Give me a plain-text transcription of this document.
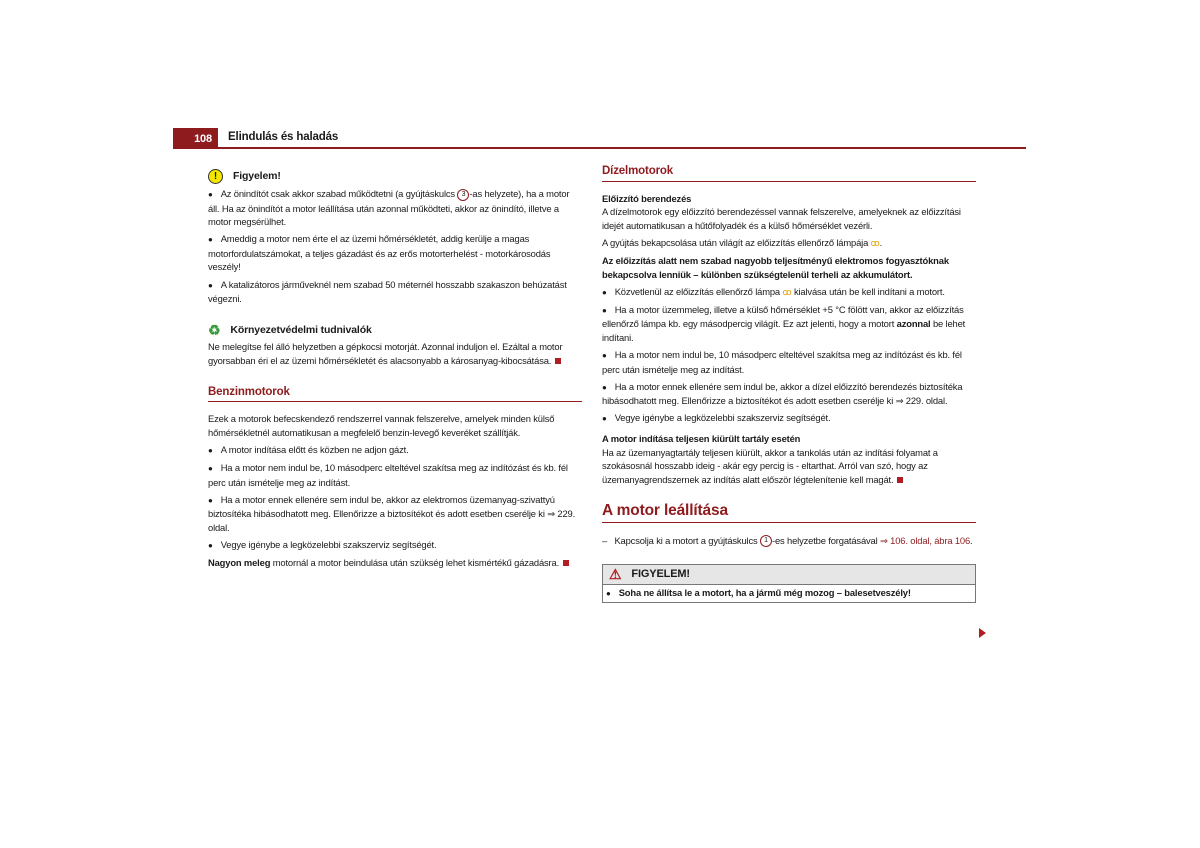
108	Elindulás és haladás
!	Figyelem!

● Az önindítót csak akkor szabad működtetni (a gyújtáskulcs 3 -as helyzete), ha a motor áll. Ha az önindítót a motor leállítása után azonnal működteti, akkor az önindító, illetve a motor megsérülhet.

● Ameddig a motor nem érte el az üzemi hőmérsékletét, addig kerülje a magas motorfordulatszámokat, a teljes gázadást és az erős motorterhelést - motorkárosodás veszély!

● A katalizátoros járműveknél nem szabad 50 méternél hosszabb szakaszon behúzatást végezni.

♻ Környezetvédelmi tudnivalók

Ne melegítse fel álló helyzetben a gépkocsi motorját. Azonnal induljon el. Ezáltal a motor gyorsabban éri el az üzemi hőmérsékletét és alacsonyabb a károsanyag-kibocsátása.

Benzinmotorok

Ezek a motorok befecskendező rendszerrel vannak felszerelve, amelyek minden külső hőmérsékletnél automatikusan a megfelelő benzin-levegő keveréket szállítják.

● A motor indítása előtt és közben ne adjon gázt.

● Ha a motor nem indul be, 10 másodperc elteltével szakítsa meg az indítózást és kb. fél perc után ismételje meg az indítást.

● Ha a motor ennek ellenére sem indul be, akkor az elektromos üzemanyag-szivattyú biztosítéka hibásodhatott meg. Ellenőrizze a biztosítékot és adott esetben cserélje ki ⇒ 229. oldal.

● Vegye igénybe a legközelebbi szakszerviz segítségét.

Nagyon meleg motornál a motor beindulása után szükség lehet kismértékű gázadásra.

Dízelmotorok

Előizzító berendezés

A dízelmotorok egy előizzító berendezéssel vannak felszerelve, amelyeknek az előizzítási idejét automatikusan a hűtőfolyadék és a külső hőmérséklet vezérli.

A gyújtás bekapcsolása után világít az előizzítás ellenőrző lámpája ꝏ.

Az előizzítás alatt nem szabad nagyobb teljesítményű elektromos fogyasztóknak bekapcsolva lenniük – különben szükségtelenül terheli az akkumulátort.

● Közvetlenül az előizzítás ellenőrző lámpa ꝏ kialvása után be kell indítani a motort.

● Ha a motor üzemmeleg, illetve a külső hőmérséklet +5 °C fölött van, akkor az előizzítás ellenőrző lámpa kb. egy másodpercig világít. Ez azt jelenti, hogy a motort azonnal be lehet indítani.

● Ha a motor nem indul be, 10 másodperc elteltével szakítsa meg az indítózást és kb. fél perc után ismételje meg az indítást.

● Ha a motor ennek ellenére sem indul be, akkor a dízel előizzító berendezés biztosítéka hibásodhatott meg. Ellenőrizze a biztosítékot és adott esetben cserélje ki ⇒ 229. oldal.

● Vegye igénybe a legközelebbi szakszerviz segítségét.

A motor indítása teljesen kiürült tartály esetén

Ha az üzemanyagtartály teljesen kiürült, akkor a tankolás után az indítási folyamat a szokásosnál hosszabb ideig - akár egy percig is - eltarthat. Arról van szó, hogy az üzemanyagrendszernek az indítás alatt először légtelenítenie kell magát.

A motor leállítása

–   Kapcsolja ki a motort a gyújtáskulcs 1 -es helyzetbe forgatásával ⇒ 106. oldal, ábra 106.

⚠ FIGYELEM!
● Soha ne állítsa le a motort, ha a jármű még mozog – balesetveszély!
